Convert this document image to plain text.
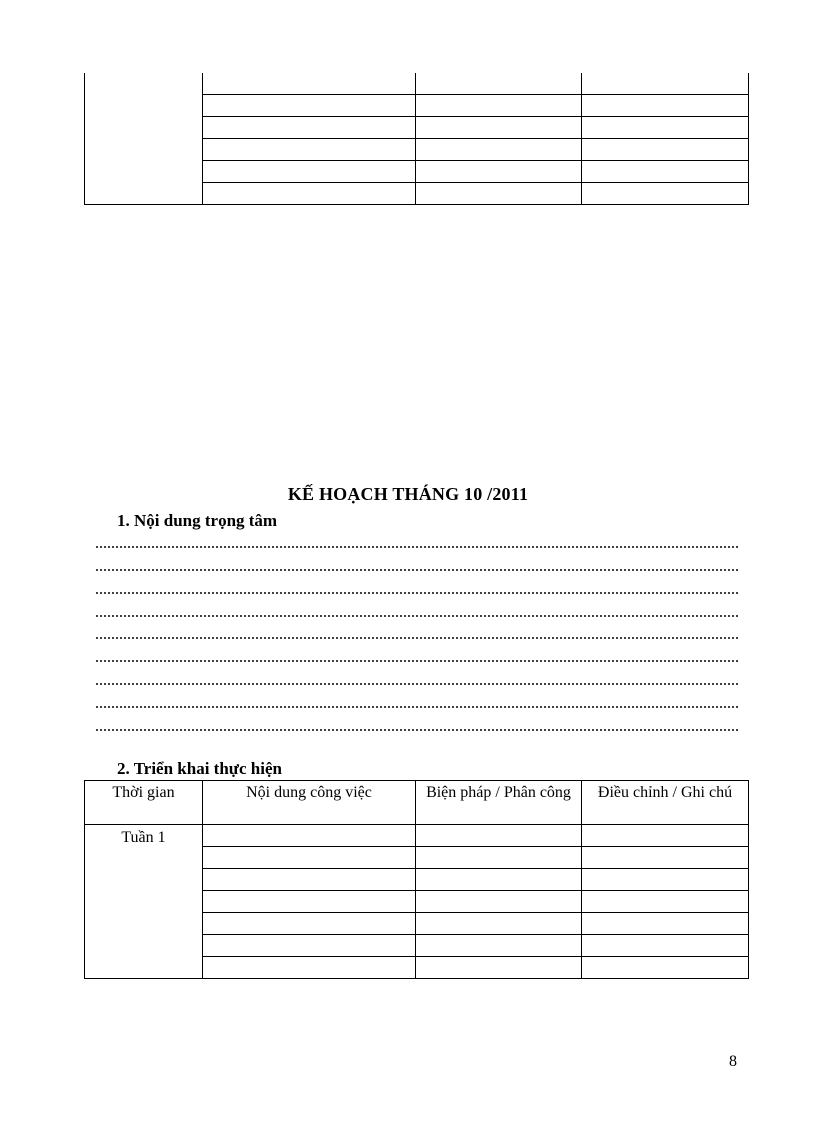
KẾ HOẠCH THÁNG 10 /2011
1. Nội dung trọng tâm
2. Triển khai thực hiện
Thời gian	Nội dung công việc	Biện pháp / Phân công	Điều chỉnh / Ghi chú
Tuần 1			

8
